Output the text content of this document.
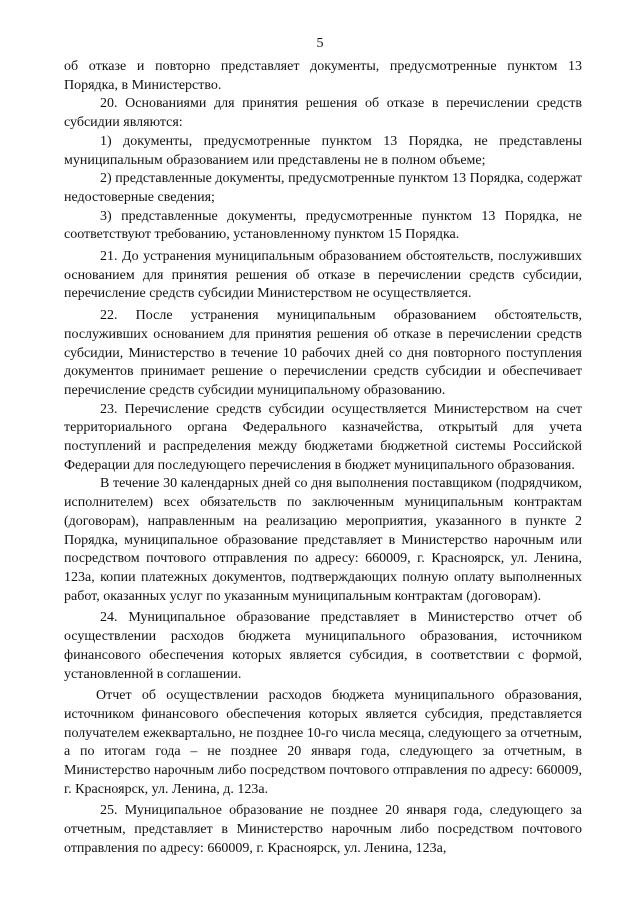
5

об отказе и повторно представляет документы, предусмотренные пунктом 13 Порядка, в Министерство.

20. Основаниями для принятия решения об отказе в перечислении средств субсидии являются:

1) документы, предусмотренные пунктом 13 Порядка, не представлены муниципальным образованием или представлены не в полном объеме;

2) представленные документы, предусмотренные пунктом 13 Порядка, содержат недостоверные сведения;

3) представленные документы, предусмотренные пунктом 13 Порядка, не соответствуют требованию, установленному пунктом 15 Порядка.

21. До устранения муниципальным образованием обстоятельств, послуживших основанием для принятия решения об отказе в перечислении средств субсидии, перечисление средств субсидии Министерством не осуществляется.

22. После устранения муниципальным образованием обстоятельств, послуживших основанием для принятия решения об отказе в перечислении средств субсидии, Министерство в течение 10 рабочих дней со дня повторного поступления документов принимает решение о перечислении средств субсидии и обеспечивает перечисление средств субсидии муниципальному образованию.

23. Перечисление средств субсидии осуществляется Министерством на счет территориального органа Федерального казначейства, открытый для учета поступлений и распределения между бюджетами бюджетной системы Российской Федерации для последующего перечисления в бюджет муниципального образования.

В течение 30 календарных дней со дня выполнения поставщиком (подрядчиком, исполнителем) всех обязательств по заключенным муниципальным контрактам (договорам), направленным на реализацию мероприятия, указанного в пункте 2 Порядка, муниципальное образование представляет в Министерство нарочным или посредством почтового отправления по адресу: 660009, г. Красноярск, ул. Ленина, 123а, копии платежных документов, подтверждающих полную оплату выполненных работ, оказанных услуг по указанным муниципальным контрактам (договорам).

24. Муниципальное образование представляет в Министерство отчет об осуществлении расходов бюджета муниципального образования, источником финансового обеспечения которых является субсидия, в соответствии с формой, установленной в соглашении.

Отчет об осуществлении расходов бюджета муниципального образования, источником финансового обеспечения которых является субсидия, представляется получателем ежеквартально, не позднее 10-го числа месяца, следующего за отчетным, а по итогам года – не позднее 20 января года, следующего за отчетным, в Министерство нарочным либо посредством почтового отправления по адресу: 660009, г. Красноярск, ул. Ленина, д. 123а.

25. Муниципальное образование не позднее 20 января года, следующего за отчетным, представляет в Министерство нарочным либо посредством почтового отправления по адресу: 660009, г. Красноярск, ул. Ленина, 123а,
